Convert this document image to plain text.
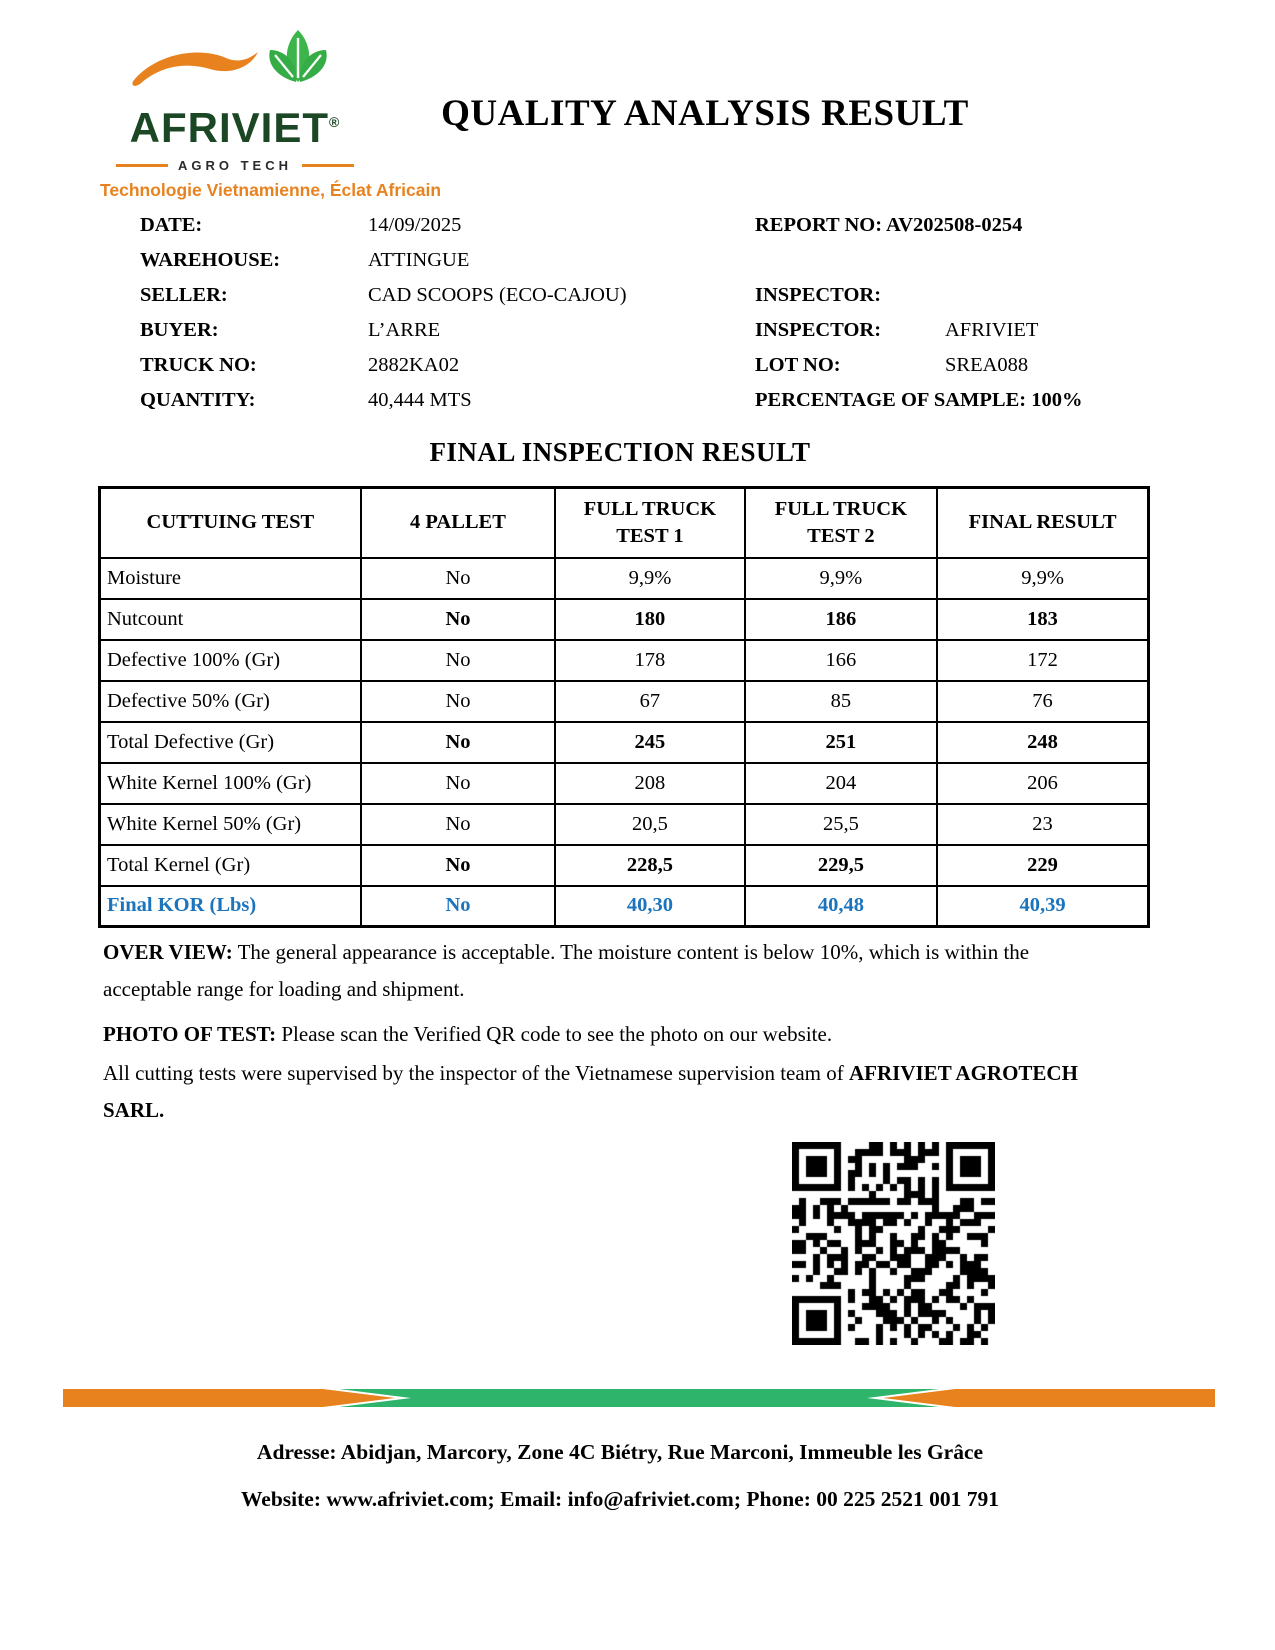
AFRIVIET®
AGRO TECH
Technologie Vietnamienne, Éclat Africain
QUALITY ANALYSIS RESULT
DATE:	14/09/2025	REPORT NO: AV202508-0254
WAREHOUSE:	ATTINGUE
SELLER:	CAD SCOOPS (ECO-CAJOU)	INSPECTOR:
BUYER:	L’ARRE	INSPECTOR:	AFRIVIET
TRUCK NO:	2882KA02	LOT NO:	SREA088
QUANTITY:	40,444 MTS	PERCENTAGE OF SAMPLE: 100%
FINAL INSPECTION RESULT
CUTTUING TEST	4 PALLET	FULL TRUCK TEST 1	FULL TRUCK TEST 2	FINAL RESULT
Moisture	No	9,9%	9,9%	9,9%
Nutcount	No	180	186	183
Defective 100% (Gr)	No	178	166	172
Defective 50% (Gr)	No	67	85	76
Total Defective (Gr)	No	245	251	248
White Kernel 100% (Gr)	No	208	204	206
White Kernel 50% (Gr)	No	20,5	25,5	23
Total Kernel (Gr)	No	228,5	229,5	229
Final KOR (Lbs)	No	40,30	40,48	40,39

OVER VIEW: The general appearance is acceptable. The moisture content is below 10%, which is within the acceptable range for loading and shipment.

PHOTO OF TEST: Please scan the Verified QR code to see the photo on our website.

All cutting tests were supervised by the inspector of the Vietnamese supervision team of AFRIVIET AGROTECH SARL.

Adresse: Abidjan, Marcory, Zone 4C Biétry, Rue Marconi, Immeuble les Grâce
Website: www.afriviet.com; Email: info@afriviet.com; Phone: 00 225 2521 001 791
